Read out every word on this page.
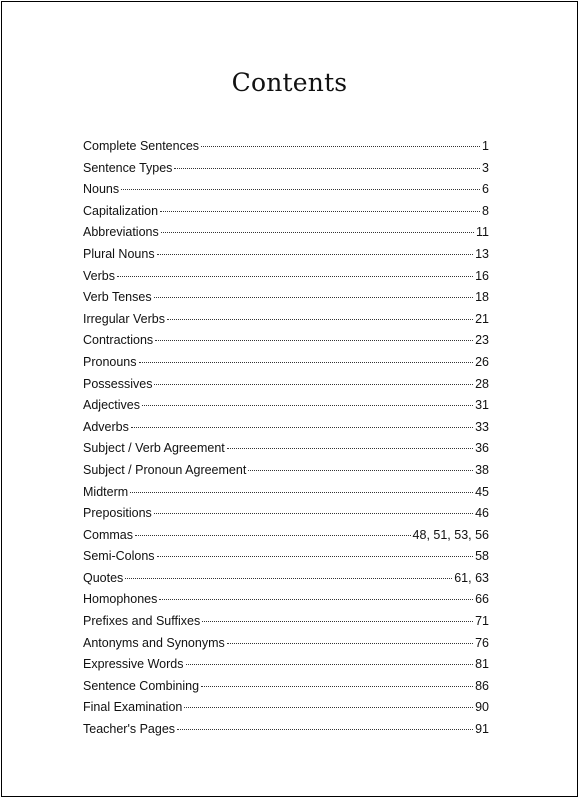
Contents
Complete Sentences	1
Sentence Types	3
Nouns	6
Capitalization	8
Abbreviations	11
Plural Nouns	13
Verbs	16
Verb Tenses	18
Irregular Verbs	21
Contractions	23
Pronouns	26
Possessives	28
Adjectives	31
Adverbs	33
Subject / Verb Agreement	36
Subject / Pronoun Agreement	38
Midterm	45
Prepositions	46
Commas	48, 51, 53, 56
Semi-Colons	58
Quotes	61, 63
Homophones	66
Prefixes and Suffixes	71
Antonyms and Synonyms	76
Expressive Words	81
Sentence Combining	86
Final Examination	90
Teacher's Pages	91
